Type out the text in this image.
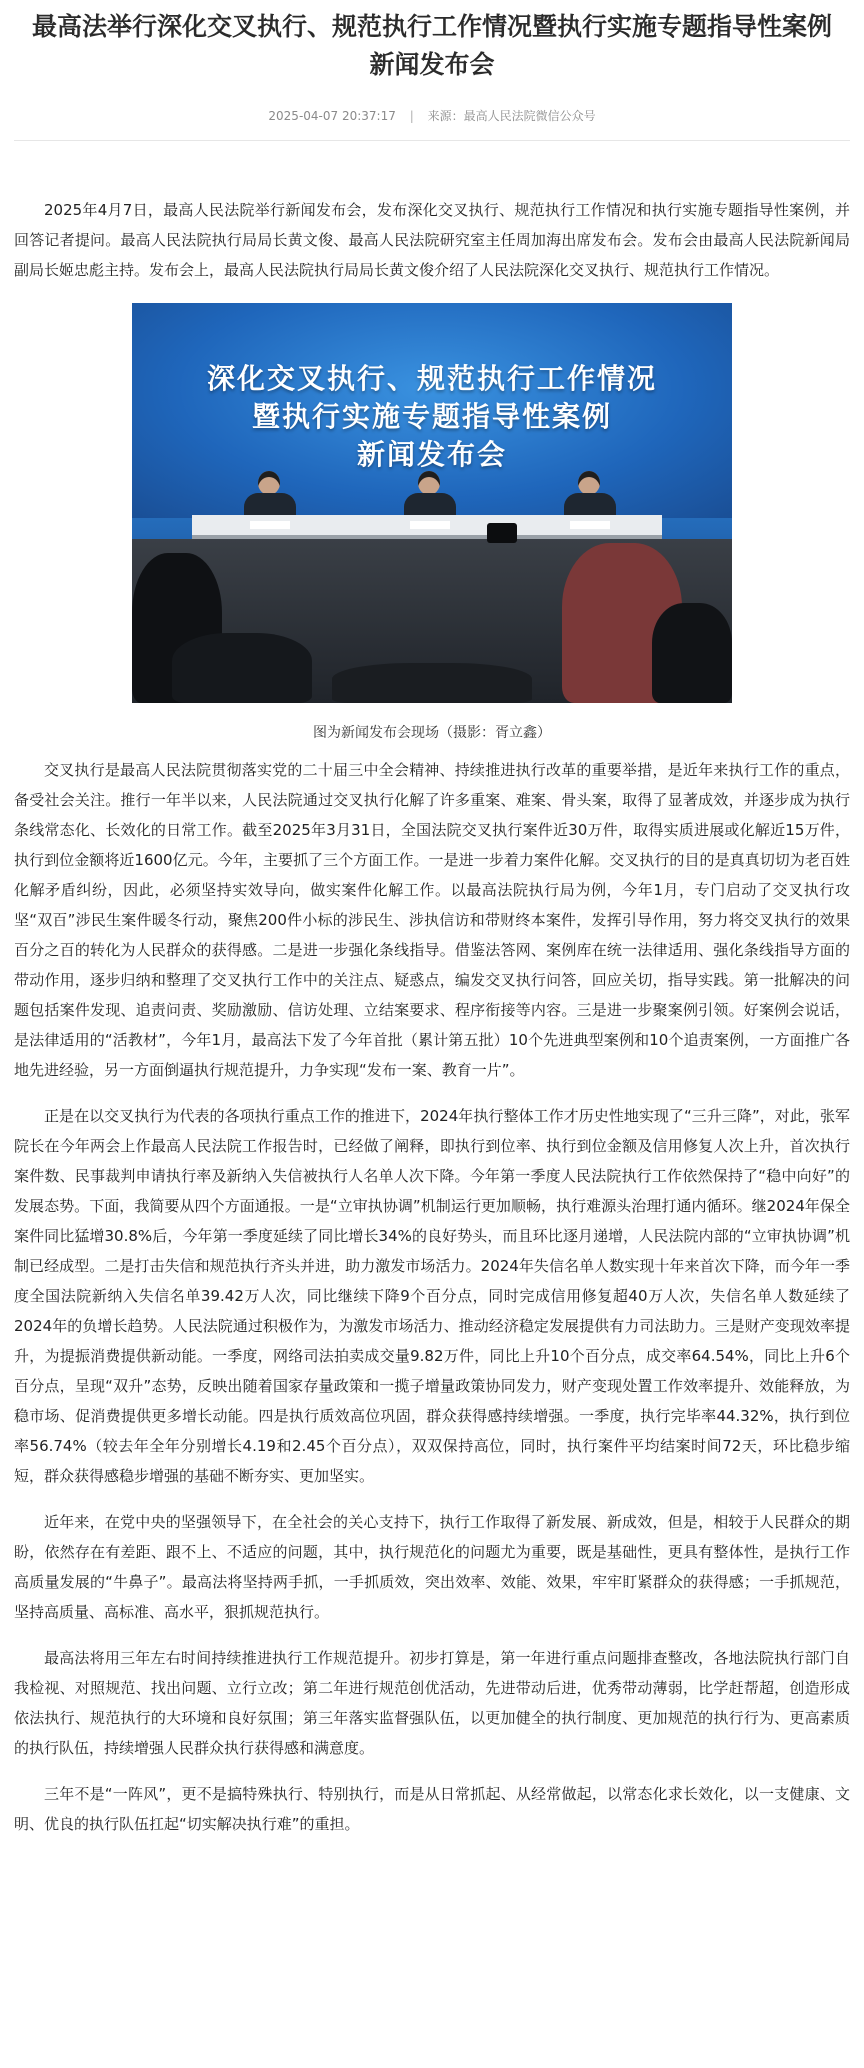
最高法举行深化交叉执行、规范执行工作情况暨执行实施专题指导性案例新闻发布会
2025-04-07 20:37:17 | 来源：最高人民法院微信公众号

2025年4月7日，最高人民法院举行新闻发布会，发布深化交叉执行、规范执行工作情况和执行实施专题指导性案例，并回答记者提问。最高人民法院执行局局长黄文俊、最高人民法院研究室主任周加海出席发布会。发布会由最高人民法院新闻局副局长姬忠彪主持。发布会上，最高人民法院执行局局长黄文俊介绍了人民法院深化交叉执行、规范执行工作情况。

深化交叉执行、规范执行工作情况
暨执行实施专题指导性案例
新闻发布会
图为新闻发布会现场（摄影：胥立鑫）

交叉执行是最高人民法院贯彻落实党的二十届三中全会精神、持续推进执行改革的重要举措，是近年来执行工作的重点，备受社会关注。推行一年半以来，人民法院通过交叉执行化解了许多重案、难案、骨头案，取得了显著成效，并逐步成为执行条线常态化、长效化的日常工作。截至2025年3月31日，全国法院交叉执行案件近30万件，取得实质进展或化解近15万件，执行到位金额将近1600亿元。今年，主要抓了三个方面工作。一是进一步着力案件化解。交叉执行的目的是真真切切为老百姓化解矛盾纠纷，因此，必须坚持实效导向，做实案件化解工作。以最高法院执行局为例，今年1月，专门启动了交叉执行攻坚“双百”涉民生案件暖冬行动，聚焦200件小标的涉民生、涉执信访和带财终本案件，发挥引导作用，努力将交叉执行的效果百分之百的转化为人民群众的获得感。二是进一步强化条线指导。借鉴法答网、案例库在统一法律适用、强化条线指导方面的带动作用，逐步归纳和整理了交叉执行工作中的关注点、疑惑点，编发交叉执行问答，回应关切，指导实践。第一批解决的问题包括案件发现、追责问责、奖励激励、信访处理、立结案要求、程序衔接等内容。三是进一步聚案例引领。好案例会说话，是法律适用的“活教材”，今年1月，最高法下发了今年首批（累计第五批）10个先进典型案例和10个追责案例，一方面推广各地先进经验，另一方面倒逼执行规范提升，力争实现“发布一案、教育一片”。

正是在以交叉执行为代表的各项执行重点工作的推进下，2024年执行整体工作才历史性地实现了“三升三降”，对此，张军院长在今年两会上作最高人民法院工作报告时，已经做了阐释，即执行到位率、执行到位金额及信用修复人次上升，首次执行案件数、民事裁判申请执行率及新纳入失信被执行人名单人次下降。今年第一季度人民法院执行工作依然保持了“稳中向好”的发展态势。下面，我简要从四个方面通报。一是“立审执协调”机制运行更加顺畅，执行难源头治理打通内循环。继2024年保全案件同比猛增30.8%后，今年第一季度延续了同比增长34%的良好势头，而且环比逐月递增，人民法院内部的“立审执协调”机制已经成型。二是打击失信和规范执行齐头并进，助力激发市场活力。2024年失信名单人数实现十年来首次下降，而今年一季度全国法院新纳入失信名单39.42万人次，同比继续下降9个百分点，同时完成信用修复超40万人次，失信名单人数延续了2024年的负增长趋势。人民法院通过积极作为，为激发市场活力、推动经济稳定发展提供有力司法助力。三是财产变现效率提升，为提振消费提供新动能。一季度，网络司法拍卖成交量9.82万件，同比上升10个百分点，成交率64.54%，同比上升6个百分点，呈现“双升”态势，反映出随着国家存量政策和一揽子增量政策协同发力，财产变现处置工作效率提升、效能释放，为稳市场、促消费提供更多增长动能。四是执行质效高位巩固，群众获得感持续增强。一季度，执行完毕率44.32%，执行到位率56.74%（较去年全年分别增长4.19和2.45个百分点），双双保持高位，同时，执行案件平均结案时间72天，环比稳步缩短，群众获得感稳步增强的基础不断夯实、更加坚实。

近年来，在党中央的坚强领导下，在全社会的关心支持下，执行工作取得了新发展、新成效，但是，相较于人民群众的期盼，依然存在有差距、跟不上、不适应的问题，其中，执行规范化的问题尤为重要，既是基础性，更具有整体性，是执行工作高质量发展的“牛鼻子”。最高法将坚持两手抓，一手抓质效，突出效率、效能、效果，牢牢盯紧群众的获得感；一手抓规范，坚持高质量、高标准、高水平，狠抓规范执行。

最高法将用三年左右时间持续推进执行工作规范提升。初步打算是，第一年进行重点问题排查整改，各地法院执行部门自我检视、对照规范、找出问题、立行立改；第二年进行规范创优活动，先进带动后进，优秀带动薄弱，比学赶帮超，创造形成依法执行、规范执行的大环境和良好氛围；第三年落实监督强队伍，以更加健全的执行制度、更加规范的执行行为、更高素质的执行队伍，持续增强人民群众执行获得感和满意度。

三年不是“一阵风”，更不是搞特殊执行、特别执行，而是从日常抓起、从经常做起，以常态化求长效化，以一支健康、文明、优良的执行队伍扛起“切实解决执行难”的重担。
